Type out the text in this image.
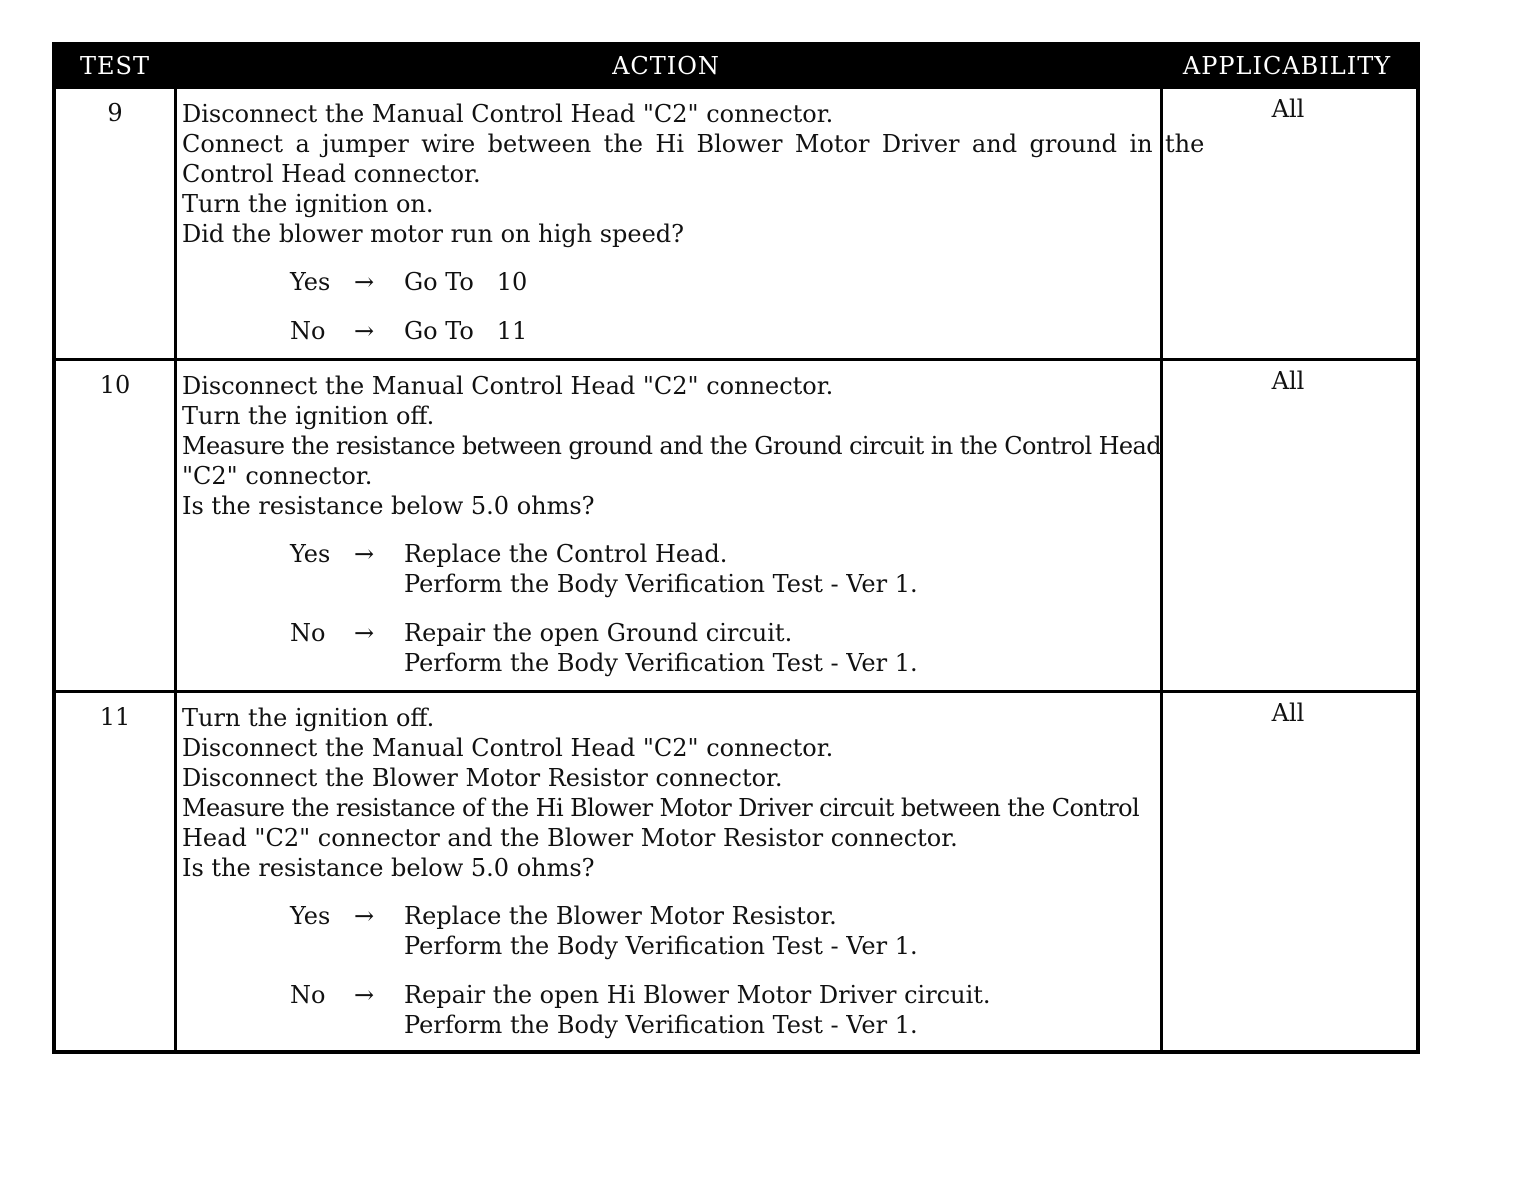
TEST	ACTION	APPLICABILITY
9	Disconnect the Manual Control Head "C2" connector.
Connect a jumper wire between the Hi Blower Motor Driver and ground in the
Control Head connector.
Turn the ignition on.
Did the blower motor run on high speed?
Yes →	Go To   10
No	→	Go To   11
All
10	Disconnect the Manual Control Head "C2" connector.
Turn the ignition off.
Measure the resistance between ground and the Ground circuit in the Control Head
"C2" connector.
Is the resistance below 5.0 ohms?
Yes →	Replace the Control Head.
Perform the Body Verification Test - Ver 1.
No	→	Repair the open Ground circuit.
Perform the Body Verification Test - Ver 1.
All
11	Turn the ignition off.
Disconnect the Manual Control Head "C2" connector.
Disconnect the Blower Motor Resistor connector.
Measure the resistance of the Hi Blower Motor Driver circuit between the Control
Head "C2" connector and the Blower Motor Resistor connector.
Is the resistance below 5.0 ohms?
Yes →	Replace the Blower Motor Resistor.
Perform the Body Verification Test - Ver 1.
No	→	Repair the open Hi Blower Motor Driver circuit.
Perform the Body Verification Test - Ver 1.
All
